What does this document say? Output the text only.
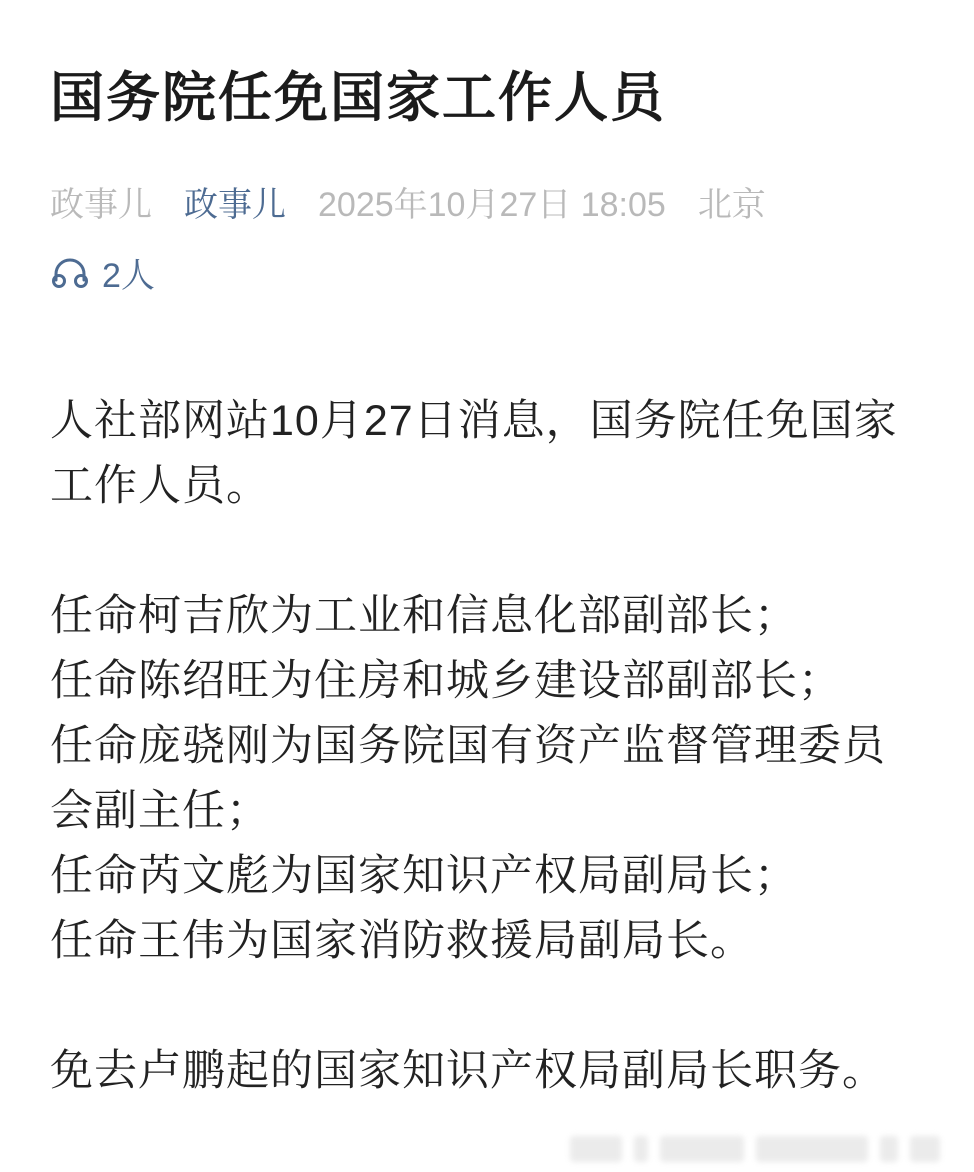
国务院任免国家工作人员
政事儿 政事儿 2025年10月27日 18:05 北京
2人
人社部网站10月27日消息，国务院任免国家工作人员。
任命柯吉欣为工业和信息化部副部长；
任命陈绍旺为住房和城乡建设部副部长；
任命庞骁刚为国务院国有资产监督管理委员会副主任；
任命芮文彪为国家知识产权局副局长；
任命王伟为国家消防救援局副局长。
免去卢鹏起的国家知识产权局副局长职务。
